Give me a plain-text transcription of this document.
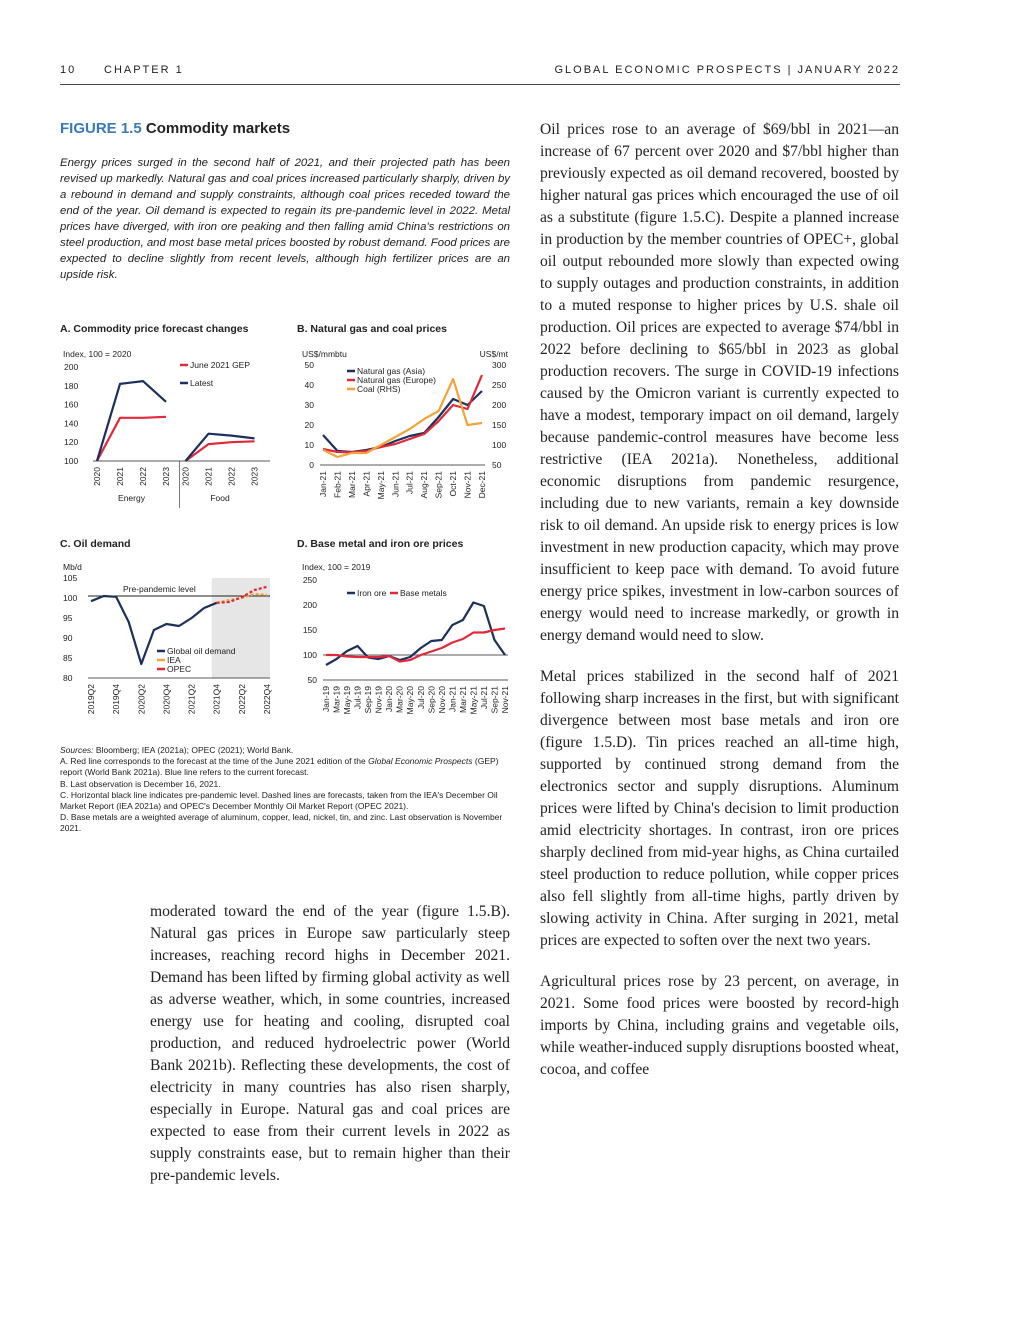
10	CHAPTER 1	GLOBAL ECONOMIC PROSPECTS | JANUARY 2022
FIGURE 1.5 Commodity markets
Energy prices surged in the second half of 2021, and their projected path has been revised up markedly. Natural gas and coal prices increased particularly sharply, driven by a rebound in demand and supply constraints, although coal prices receded toward the end of the year. Oil demand is expected to regain its pre-pandemic level in 2022. Metal prices have diverged, with iron ore peaking and then falling amid China's restrictions on steel production, and most base metal prices boosted by robust demand. Food prices are expected to decline slightly from recent levels, although high fertilizer prices are an upside risk.
A. Commodity price forecast changes	B. Natural gas and coal prices
C. Oil demand	D. Base metal and iron ore prices
Index, 100 = 2020
100
120
140
160
180
200
2020 2021 2022 2023
Energy
2020 2021 2022 2023
Food
June 2021 GEP
Latest
US$/mmbtu	US$/mt
0
10
20
30
40
50
50
100
150
200
250
300
Jan-21 Feb-21 Mar-21 Apr-21 May-21 Jun-21 Jul-21 Aug-21 Sep-21 Oct-21 Nov-21 Dec-21
Natural gas (Asia)
Natural gas (Europe)
Coal (RHS)
Mb/d
80
85
90
95
100
105
Pre-pandemic level
2019Q2 2019Q4 2020Q2 2020Q4 2021Q2 2021Q4 2022Q2 2022Q4
Global oil demand
IEA
OPEC
Index, 100 = 2019
50
100
150
200
250
Jan-19 Mar-19 May-19 Jul-19 Sep-19 Nov-19 Jan-20 Mar-20 May-20 Jul-20 Sep-20 Nov-20 Jan-21 Mar-21 May-21 Jul-21 Sep-21 Nov-21
Iron ore Base metals

Sources: Bloomberg; IEA (2021a); OPEC (2021); World Bank.

A. Red line corresponds to the forecast at the time of the June 2021 edition of the Global Economic Prospects (GEP) report (World Bank 2021a). Blue line refers to the current forecast.

B. Last observation is December 16, 2021.

C. Horizontal black line indicates pre-pandemic level. Dashed lines are forecasts, taken from the IEA's December Oil Market Report (IEA 2021a) and OPEC's December Monthly Oil Market Report (OPEC 2021).

D. Base metals are a weighted average of aluminum, copper, lead, nickel, tin, and zinc. Last observation is November 2021.

moderated toward the end of the year (figure 1.5.B). Natural gas prices in Europe saw particularly steep increases, reaching record highs in December 2021. Demand has been lifted by firming global activity as well as adverse weather, which, in some countries, increased energy use for heating and cooling, disrupted coal production, and reduced hydroelectric power (World Bank 2021b). Reflecting these developments, the cost of electricity in many countries has also risen sharply, especially in Europe. Natural gas and coal prices are expected to ease from their current levels in 2022 as supply constraints ease, but to remain higher than their pre-pandemic levels.

Oil prices rose to an average of $69/bbl in 2021—an increase of 67 percent over 2020 and $7/bbl higher than previously expected as oil demand recovered, boosted by higher natural gas prices which encouraged the use of oil as a substitute (figure 1.5.C). Despite a planned increase in production by the member countries of OPEC+, global oil output rebounded more slowly than expected owing to supply outages and production constraints, in addition to a muted response to higher prices by U.S. shale oil production. Oil prices are expected to average $74/bbl in 2022 before declining to $65/bbl in 2023 as global production recovers. The surge in COVID-19 infections caused by the Omicron variant is currently expected to have a modest, temporary impact on oil demand, largely because pandemic-control measures have become less restrictive (IEA 2021a). Nonetheless, additional economic disruptions from pandemic resurgence, including due to new variants, remain a key downside risk to oil demand. An upside risk to energy prices is low investment in new production capacity, which may prove insufficient to keep pace with demand. To avoid future energy price spikes, investment in low-carbon sources of energy would need to increase markedly, or growth in energy demand would need to slow.

Metal prices stabilized in the second half of 2021 following sharp increases in the first, but with significant divergence between most base metals and iron ore (figure 1.5.D). Tin prices reached an all-time high, supported by continued strong demand from the electronics sector and supply disruptions. Aluminum prices were lifted by China's decision to limit production amid electricity shortages. In contrast, iron ore prices sharply declined from mid-year highs, as China curtailed steel production to reduce pollution, while copper prices also fell slightly from all-time highs, partly driven by slowing activity in China. After surging in 2021, metal prices are expected to soften over the next two years.

Agricultural prices rose by 23 percent, on average, in 2021. Some food prices were boosted by record-high imports by China, including grains and vegetable oils, while weather-induced supply disruptions boosted wheat, cocoa, and coffee
